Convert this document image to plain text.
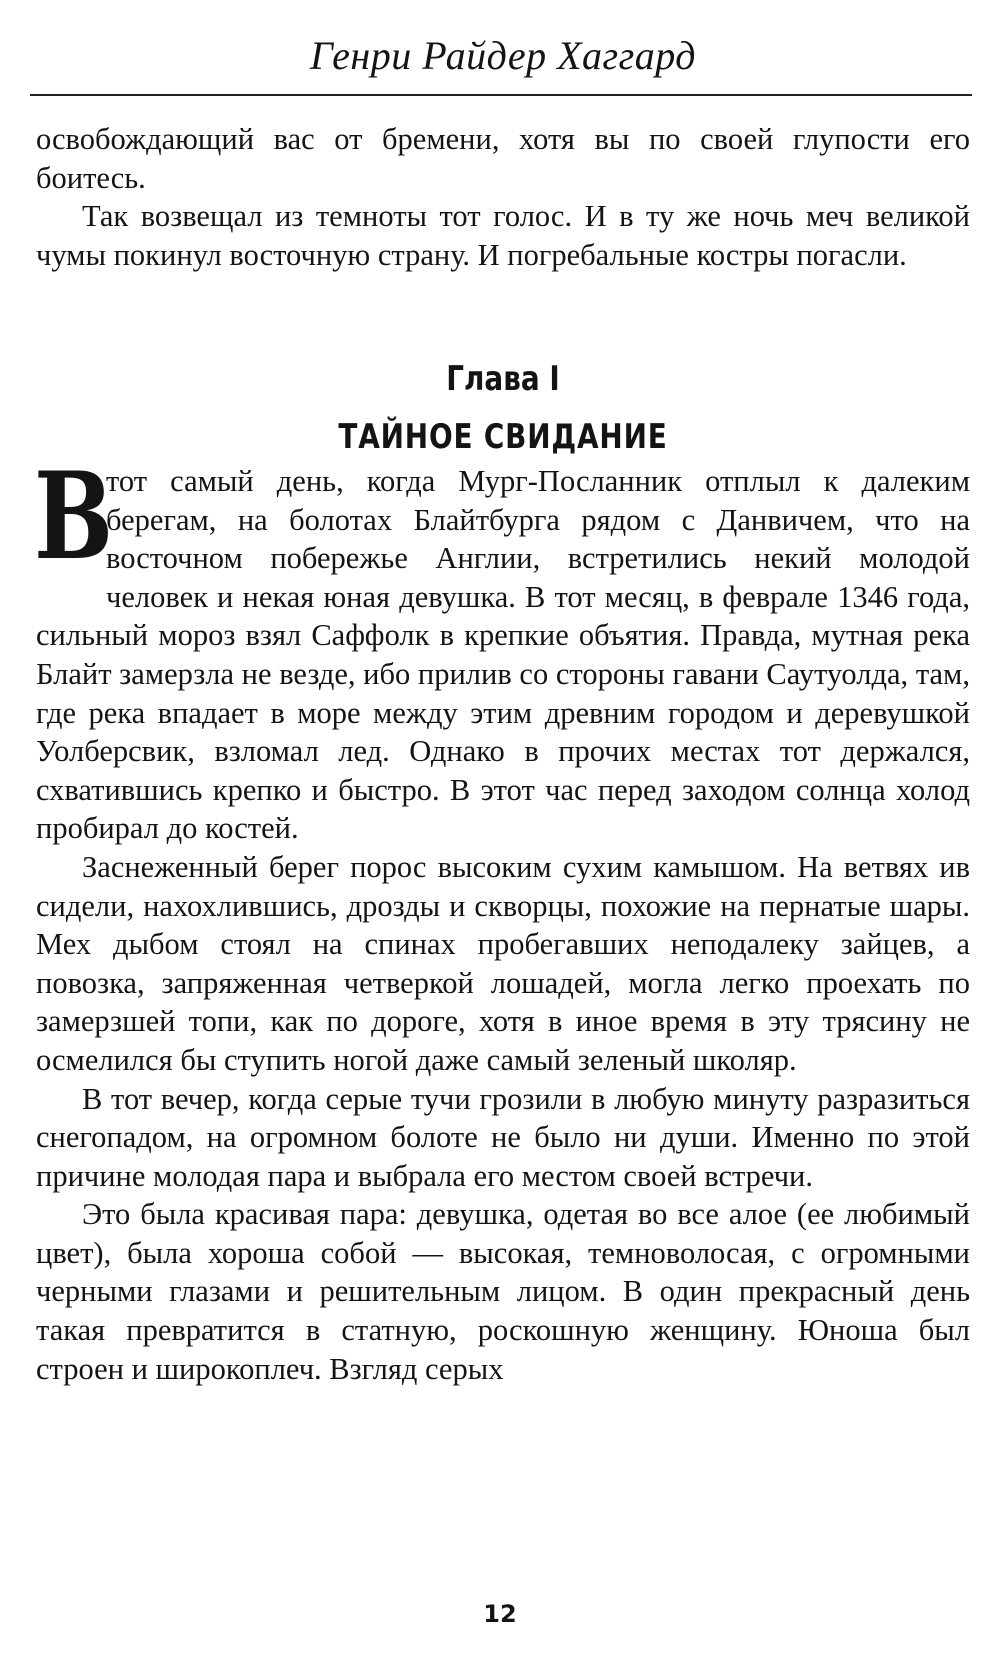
Генри Райдер Хаггард

освобождающий вас от бремени, хотя вы по своей глупости его боитесь.

Так возвещал из темноты тот голос. И в ту же ночь меч великой чумы покинул восточную страну. И погребальные костры погасли.

Глава I
ТАЙНОЕ СВИДАНИЕ

В
тот самый день, когда Мург-Посланник отплыл к далеким берегам, на болотах Блайтбурга рядом с Данвичем, что на восточном побережье Англии, встретились некий молодой человек и некая юная девушка. В тот месяц, в феврале 1346 года, сильный мороз взял Саффолк в крепкие объятия. Правда, мутная река Блайт замерзла не везде, ибо прилив со стороны гавани Саутуолда, там, где река впадает в море между этим древним городом и деревушкой Уолберсвик, взломал лед. Однако в прочих местах тот держался, схватившись крепко и быстро. В этот час перед заходом солнца холод пробирал до костей.

Заснеженный берег порос высоким сухим камышом. На ветвях ив сидели, нахохлившись, дрозды и скворцы, похожие на пернатые шары. Мех дыбом стоял на спинах пробегавших неподалеку зайцев, а повозка, запряженная четверкой лошадей, могла легко проехать по замерзшей топи, как по дороге, хотя в иное время в эту трясину не осмелился бы ступить ногой даже самый зеленый школяр.

В тот вечер, когда серые тучи грозили в любую минуту разразиться снегопадом, на огромном болоте не было ни души. Именно по этой причине молодая пара и выбрала его местом своей встречи.

Это была красивая пара: девушка, одетая во все алое (ее любимый цвет), была хороша собой — высокая, темноволосая, с огромными черными глазами и решительным лицом. В один прекрасный день такая превратится в статную, роскошную женщину. Юноша был строен и широкоплеч. Взгляд серых

12
